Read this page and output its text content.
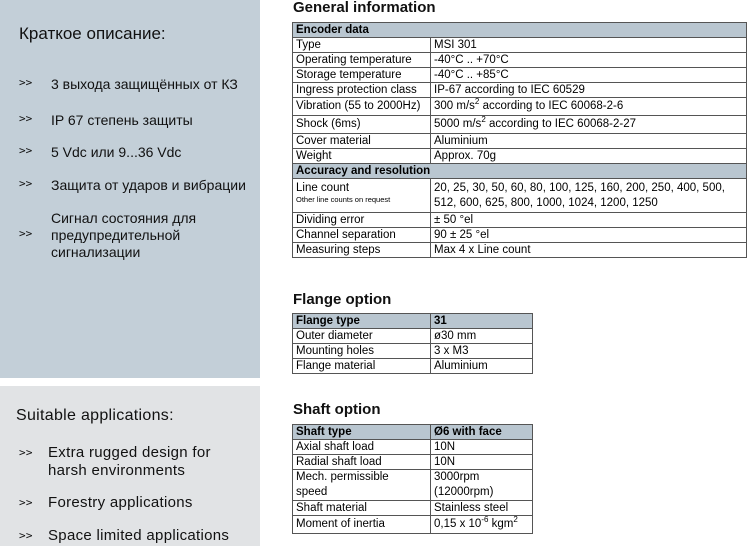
Краткое описание:
>>	3 выхода защищённых от КЗ
>>	IP 67 степень защиты
>>	5 Vdc или 9...36 Vdc
>>	Защита от ударов и вибрации
>>
Сигнал состояния для
предупредительной
сигнализации
Suitable applications:
>>	Extra rugged design for
harsh environments
>>	Forestry applications
>>	Space limited applications
General information
Encoder data	
Type	MSI 301
Operating temperature	-40°C .. +70°C
Storage temperature	-40°C .. +85°C
Ingress protection class	IP-67 according to IEC 60529
Vibration (55 to 2000Hz)	300 $m/s^2$ according to IEC 60068-2-6
Shock (6ms)	5000 $m/s^2$ according to IEC 60068-2-27
Cover material	Aluminium
Weight	Approx. 70g
Accuracy and resolution	

Line count
Other line counts on request	20, 25, 30, 50, 60, 80, 100, 125, 160, 200, 250, 400, 500,
512, 600, 625, 800, 1000, 1024, 1200, 1250

Dividing error	± 50 °el
Channel separation	90 ± 25 °el
Measuring steps	Max 4 x Line count
Flange option
Flange type	31
Outer diameter	ø30 mm
Mounting holes	3 x M3
Flange material	Aluminium
Shaft option
Shaft type	Ø6 with face
Axial shaft load	10N
Radial shaft load	10N

Mech. permissible
speed	3000rpm
(12000rpm)

Shaft material	Stainless steel
Moment of inertia	0,15 x $10^{-6}$ kgm$^2$
